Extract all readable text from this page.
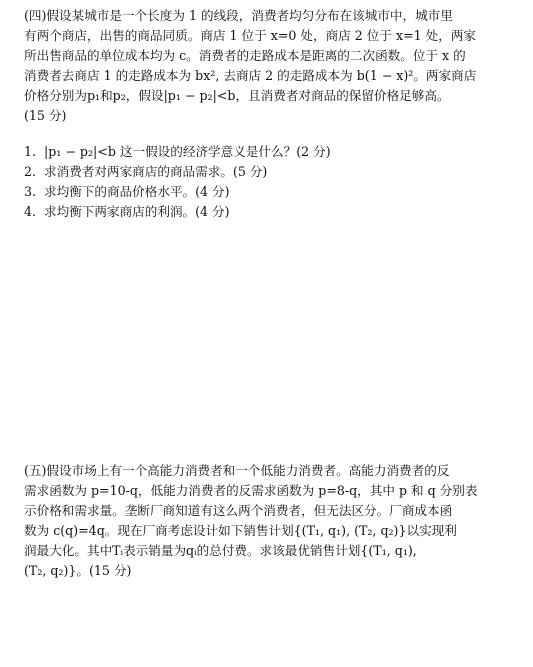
(四)假设某城市是一个长度为 1 的线段，消费者均匀分布在该城市中，城市里
有两个商店，出售的商品同质。商店 1 位于 x=0 处，商店 2 位于 x=1 处，两家
所出售商品的单位成本均为 c。消费者的走路成本是距离的二次函数。位于 x 的
消费者去商店 1 的走路成本为 bx², 去商店 2 的走路成本为 b(1 − x)²。两家商店
价格分别为p₁和p₂，假设|p₁ − p₂|<b，且消费者对商品的保留价格足够高。
(15 分)
1. |p₁ − p₂|<b 这一假设的经济学意义是什么？(2 分)
2. 求消费者对两家商店的商品需求。(5 分)
3. 求均衡下的商品价格水平。(4 分)
4. 求均衡下两家商店的利润。(4 分)
(五)假设市场上有一个高能力消费者和一个低能力消费者。高能力消费者的反
需求函数为 p=10-q，低能力消费者的反需求函数为 p=8-q，其中 p 和 q 分别表
示价格和需求量。垄断厂商知道有这么两个消费者，但无法区分。厂商成本函
数为 c(q)=4q。现在厂商考虑设计如下销售计划{(T₁, q₁), (T₂, q₂)}以实现利
润最大化。其中Tᵢ表示销量为qᵢ的总付费。求该最优销售计划{(T₁, q₁),
(T₂, q₂)}。(15 分)
